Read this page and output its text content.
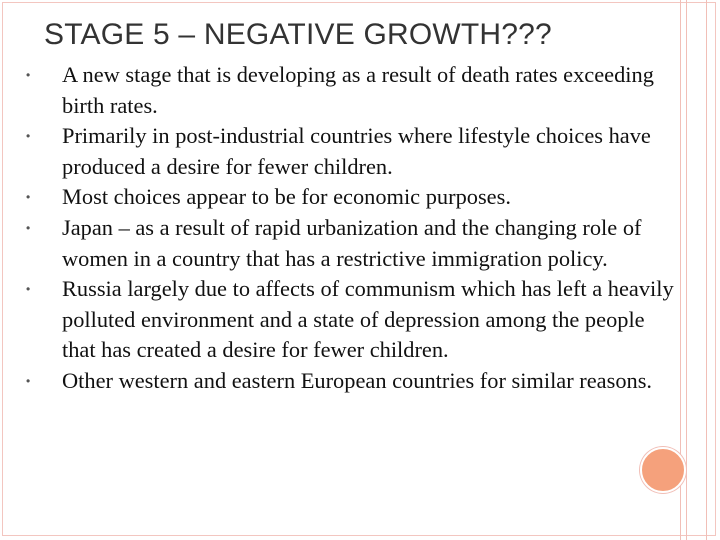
STAGE 5 – NEGATIVE GROWTH???
•	A new stage that is developing as a result of death rates exceeding birth rates.
•	Primarily in post-industrial countries where lifestyle choices have produced a desire for fewer children.
•	Most choices appear to be for economic purposes.
•	Japan – as a result of rapid urbanization and the changing role of women in a country that has a restrictive immigration policy.
•	Russia largely due to affects of communism which has left a heavily polluted environment and a state of depression among the people that has created a desire for fewer children.
•	Other western and eastern European countries for similar reasons.
